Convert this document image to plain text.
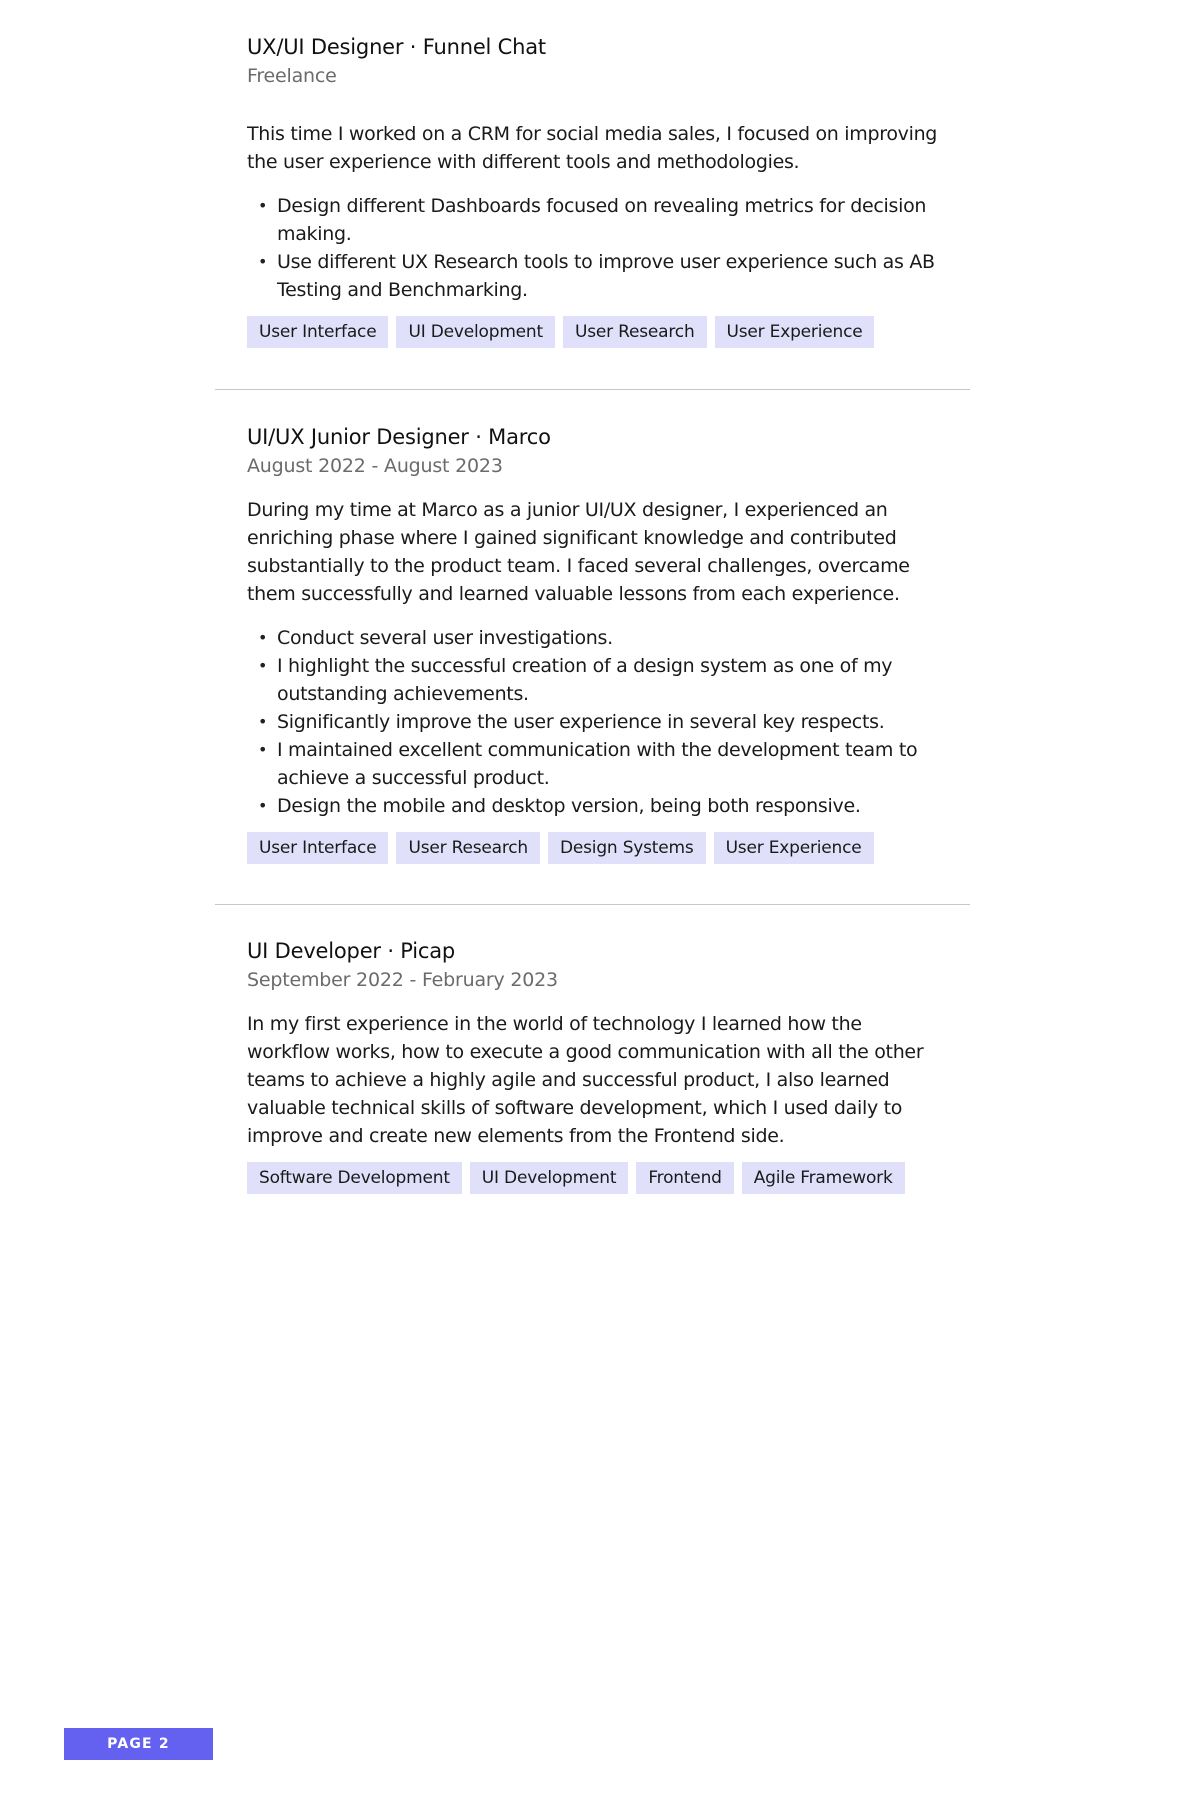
UX/UI Designer · Funnel Chat

Freelance

This time I worked on a CRM for social media sales, I focused on improving the user experience with different tools and methodologies.

• Design different Dashboards focused on revealing metrics for decision making.
• Use different UX Research tools to improve user experience such as AB Testing and Benchmarking.
User Interface	UI Development	User Research	User Experience
UI/UX Junior Designer · Marco

August 2022 - August 2023

During my time at Marco as a junior UI/UX designer, I experienced an enriching phase where I gained significant knowledge and contributed substantially to the product team. I faced several challenges, overcame them successfully and learned valuable lessons from each experience.

• Conduct several user investigations.
• I highlight the successful creation of a design system as one of my outstanding achievements.
• Significantly improve the user experience in several key respects.
• I maintained excellent communication with the development team to achieve a successful product.
• Design the mobile and desktop version, being both responsive.
User Interface	User Research	Design Systems	User Experience
UI Developer · Picap

September 2022 - February 2023

In my first experience in the world of technology I learned how the workflow works, how to execute a good communication with all the other teams to achieve a highly agile and successful product, I also learned valuable technical skills of software development, which I used daily to improve and create new elements from the Frontend side.

Software Development	UI Development	Frontend	Agile Framework
PAGE 2
